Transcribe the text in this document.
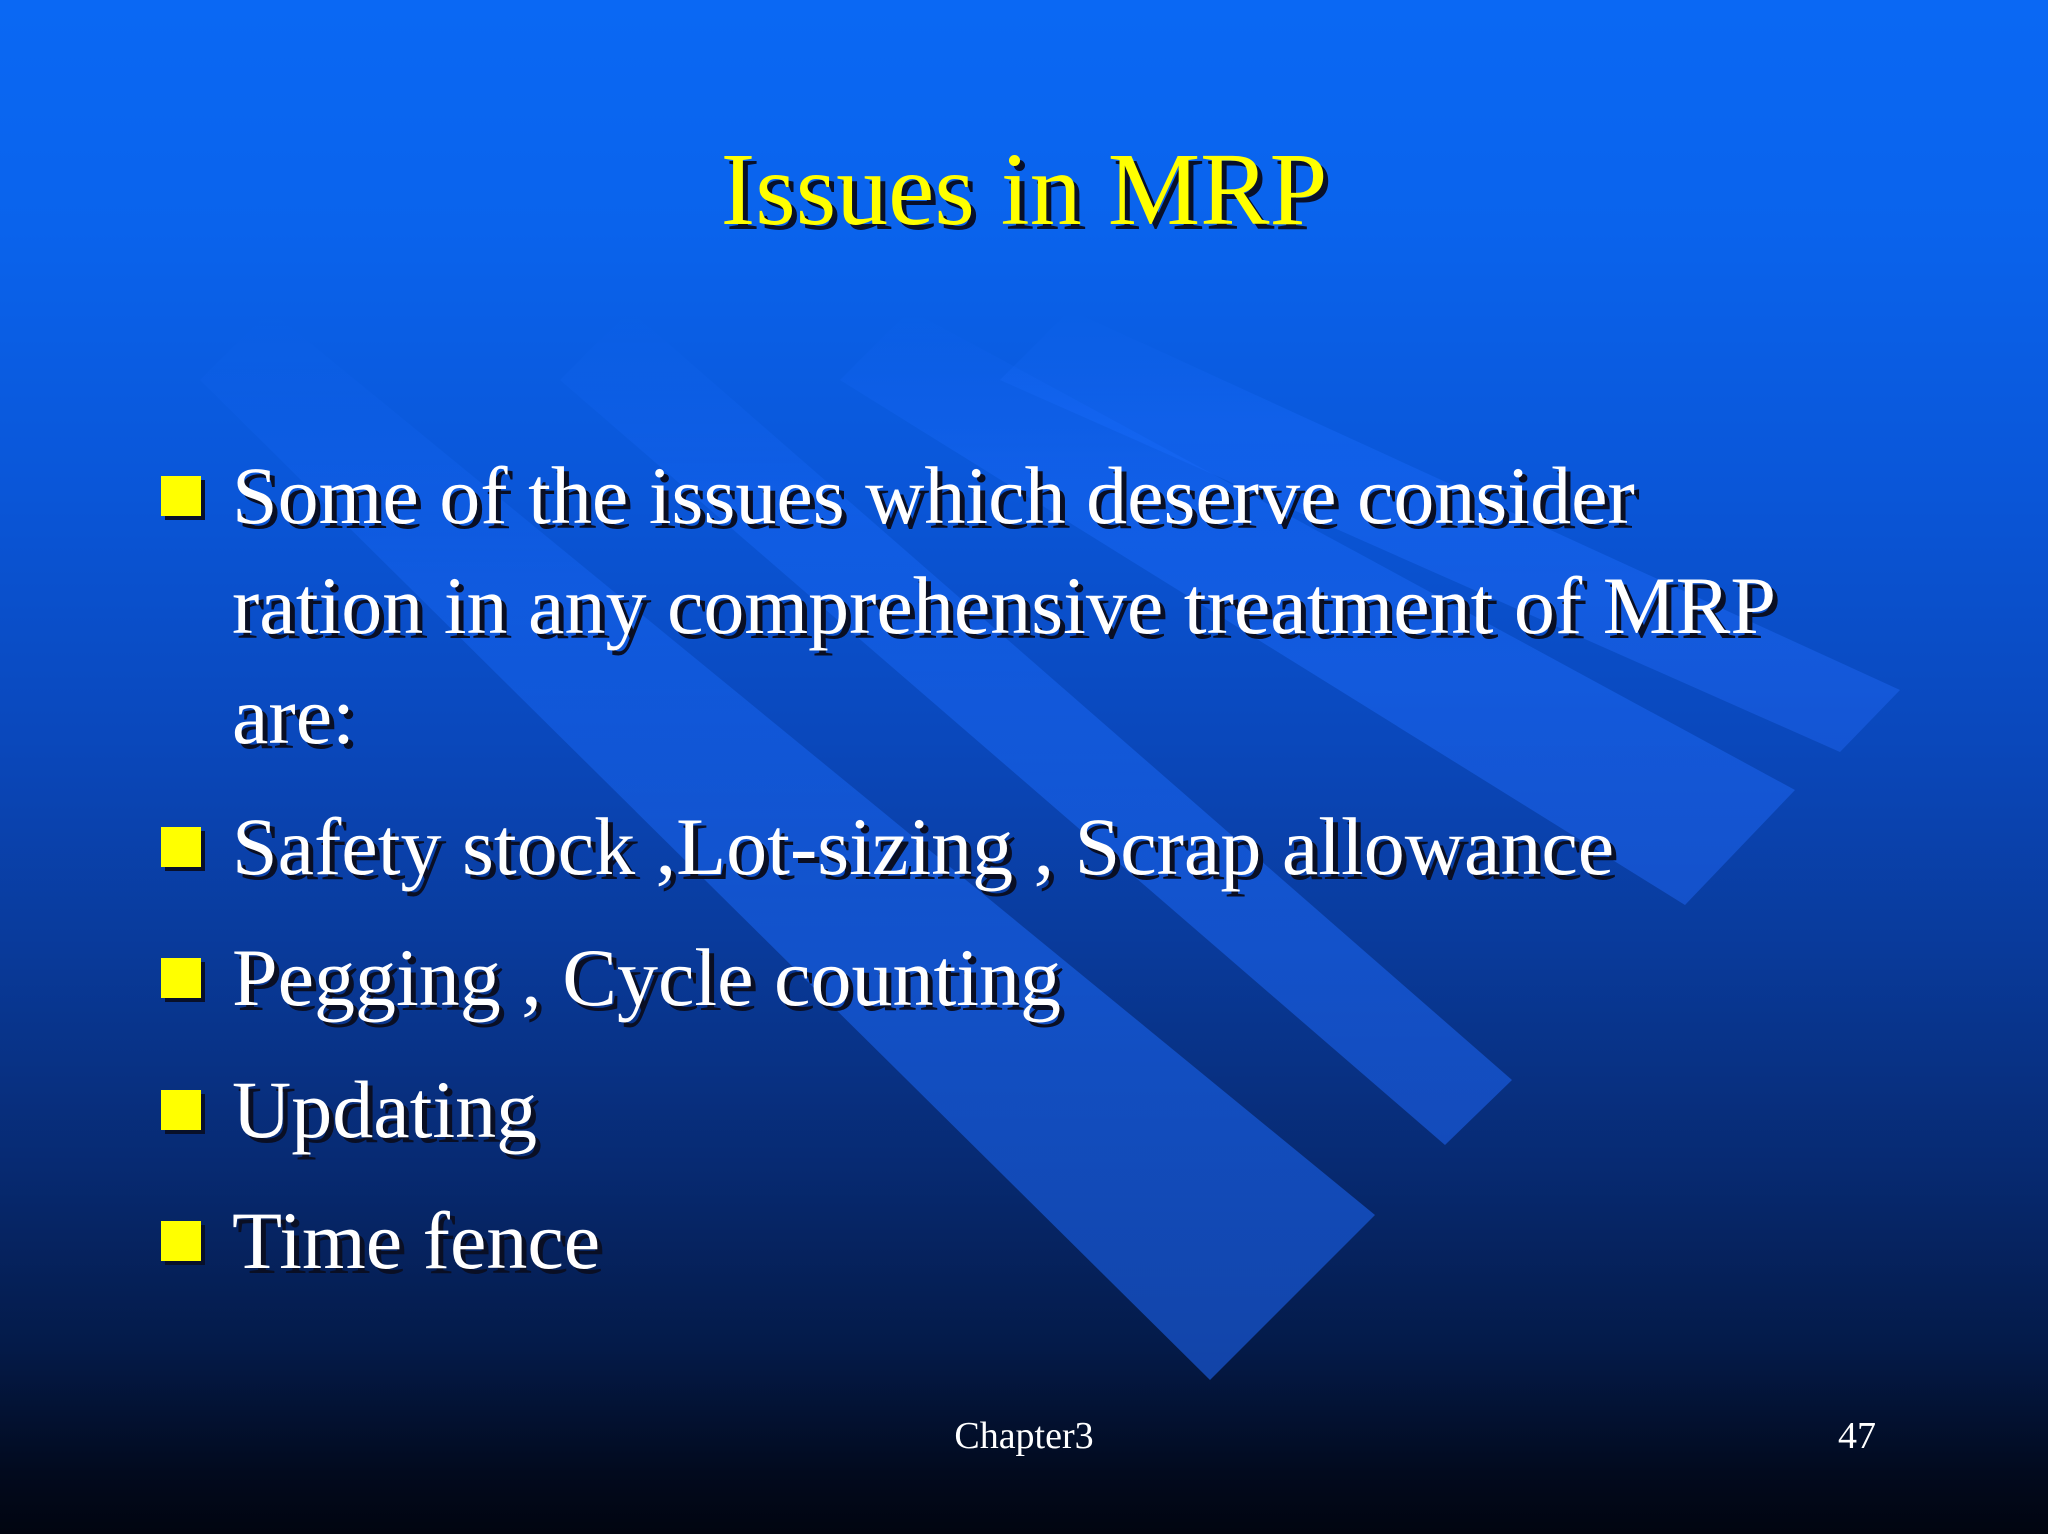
Issues in MRP
Some of the issues which deserve consider
ration in any comprehensive treatment of MRP
are:
Safety stock ,Lot-sizing , Scrap allowance
Pegging , Cycle counting
Updating
Time fence
Chapter3	47
